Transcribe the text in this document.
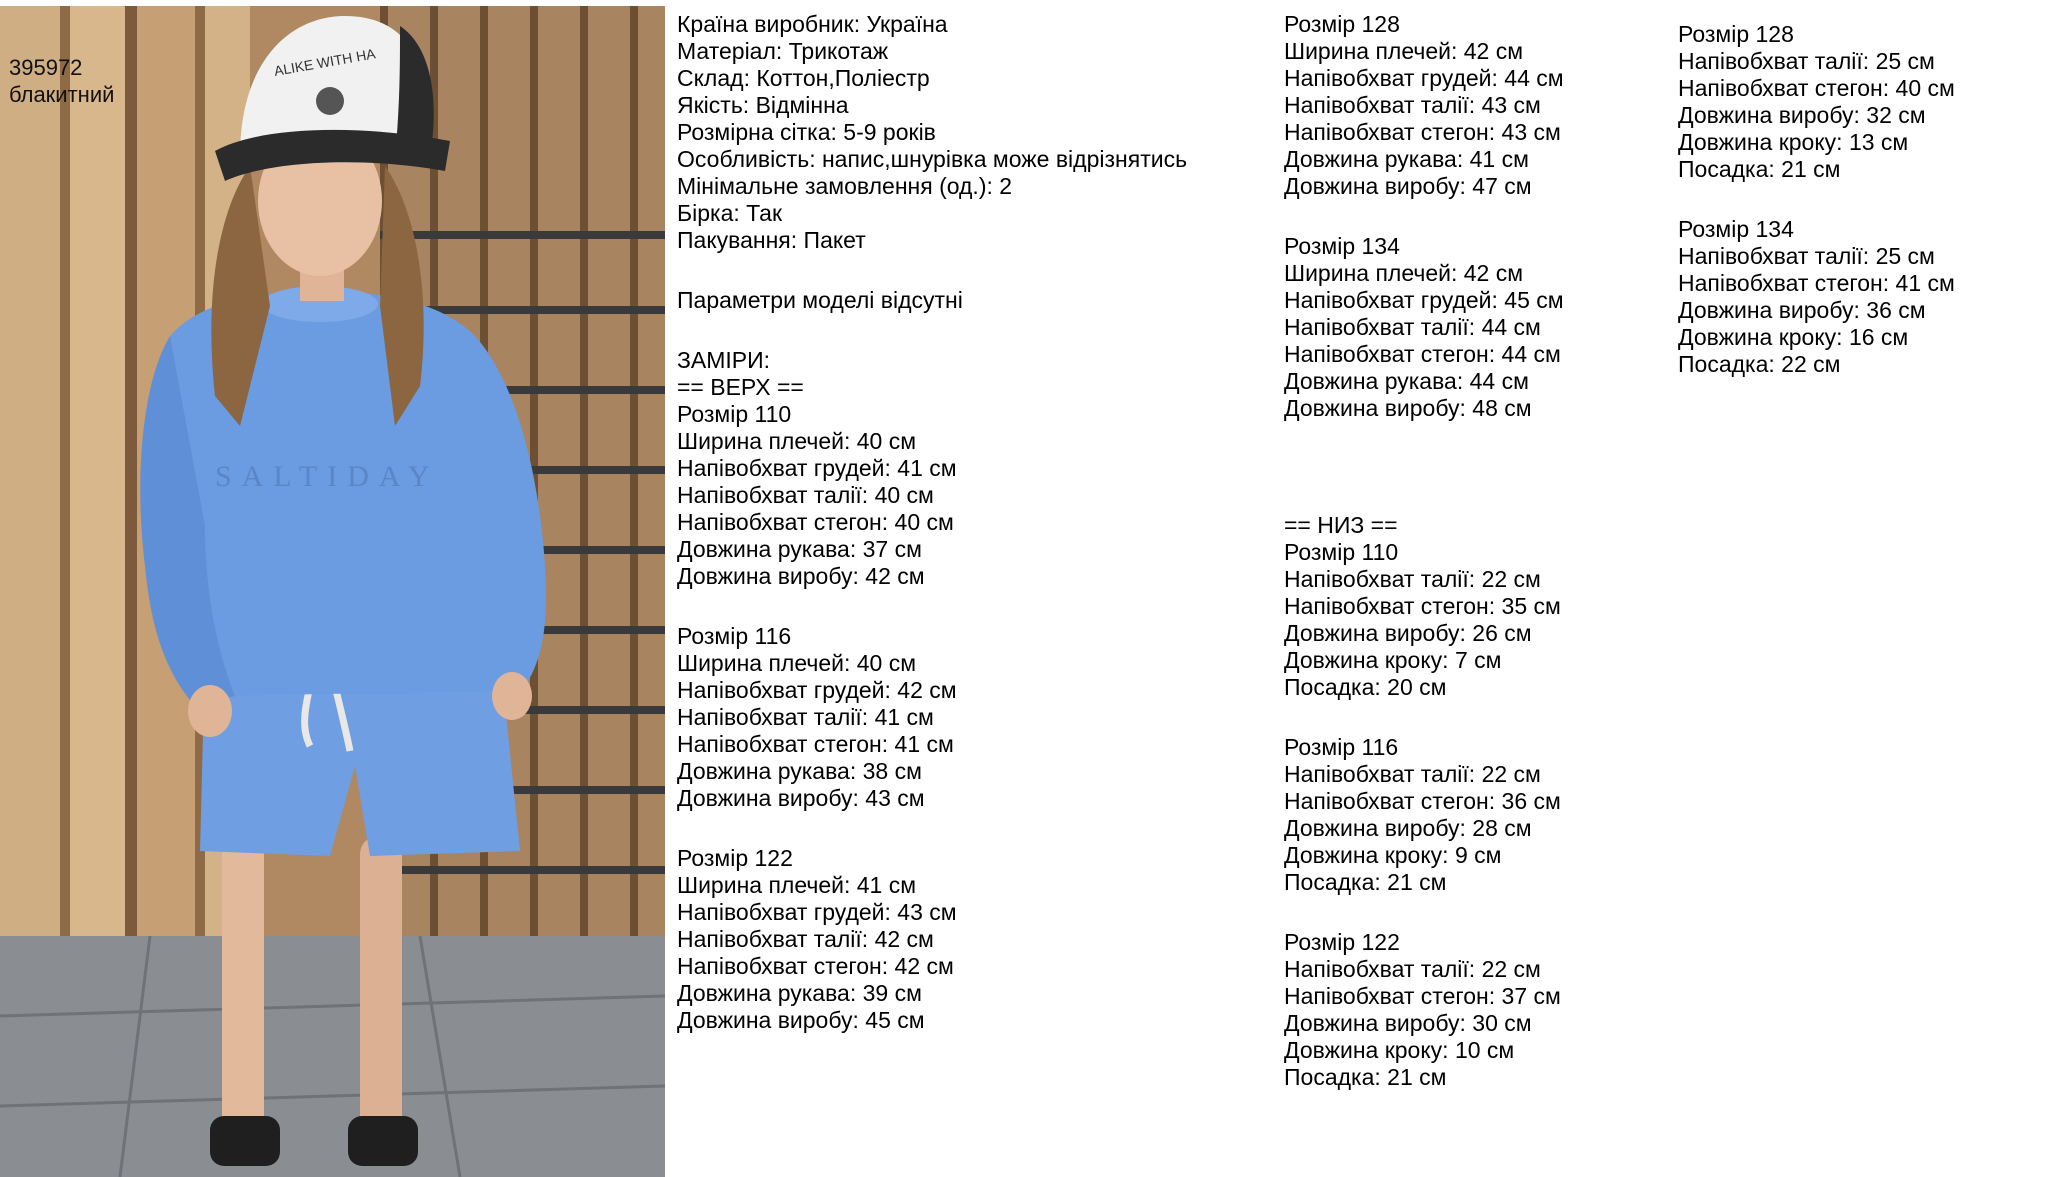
SALTIDAY
ALIKE WITH HA
395972
блакитний
Країна виробник: Україна
Матеріал: Трикотаж
Склад: Коттон,Поліестр
Якість: Відмінна
Розмірна сітка: 5-9 років
Особливість: напис,шнурівка може відрізнятись
Мінімальне замовлення (од.): 2
Бірка: Так
Пакування: Пакет
Параметри моделі відсутні
ЗАМІРИ:
== ВЕРХ ==
Розмір 110
Ширина плечей: 40 см
Напівобхват грудей: 41 см
Напівобхват талії: 40 см
Напівобхват стегон: 40 см
Довжина рукава: 37 см
Довжина виробу: 42 см
Розмір 116
Ширина плечей: 40 см
Напівобхват грудей: 42 см
Напівобхват талії: 41 см
Напівобхват стегон: 41 см
Довжина рукава: 38 см
Довжина виробу: 43 см
Розмір 122
Ширина плечей: 41 см
Напівобхват грудей: 43 см
Напівобхват талії: 42 см
Напівобхват стегон: 42 см
Довжина рукава: 39 см
Довжина виробу: 45 см
Розмір 128
Ширина плечей: 42 см
Напівобхват грудей: 44 см
Напівобхват талії: 43 см
Напівобхват стегон: 43 см
Довжина рукава: 41 см
Довжина виробу: 47 см
Розмір 134
Ширина плечей: 42 см
Напівобхват грудей: 45 см
Напівобхват талії: 44 см
Напівобхват стегон: 44 см
Довжина рукава: 44 см
Довжина виробу: 48 см
== НИЗ ==
Розмір 110
Напівобхват талії: 22 см
Напівобхват стегон: 35 см
Довжина виробу: 26 см
Довжина кроку: 7 см
Посадка: 20 см
Розмір 116
Напівобхват талії: 22 см
Напівобхват стегон: 36 см
Довжина виробу: 28 см
Довжина кроку: 9 см
Посадка: 21 см
Розмір 122
Напівобхват талії: 22 см
Напівобхват стегон: 37 см
Довжина виробу: 30 см
Довжина кроку: 10 см
Посадка: 21 см
Розмір 128
Напівобхват талії: 25 см
Напівобхват стегон: 40 см
Довжина виробу: 32 см
Довжина кроку: 13 см
Посадка: 21 см
Розмір 134
Напівобхват талії: 25 см
Напівобхват стегон: 41 см
Довжина виробу: 36 см
Довжина кроку: 16 см
Посадка: 22 см
